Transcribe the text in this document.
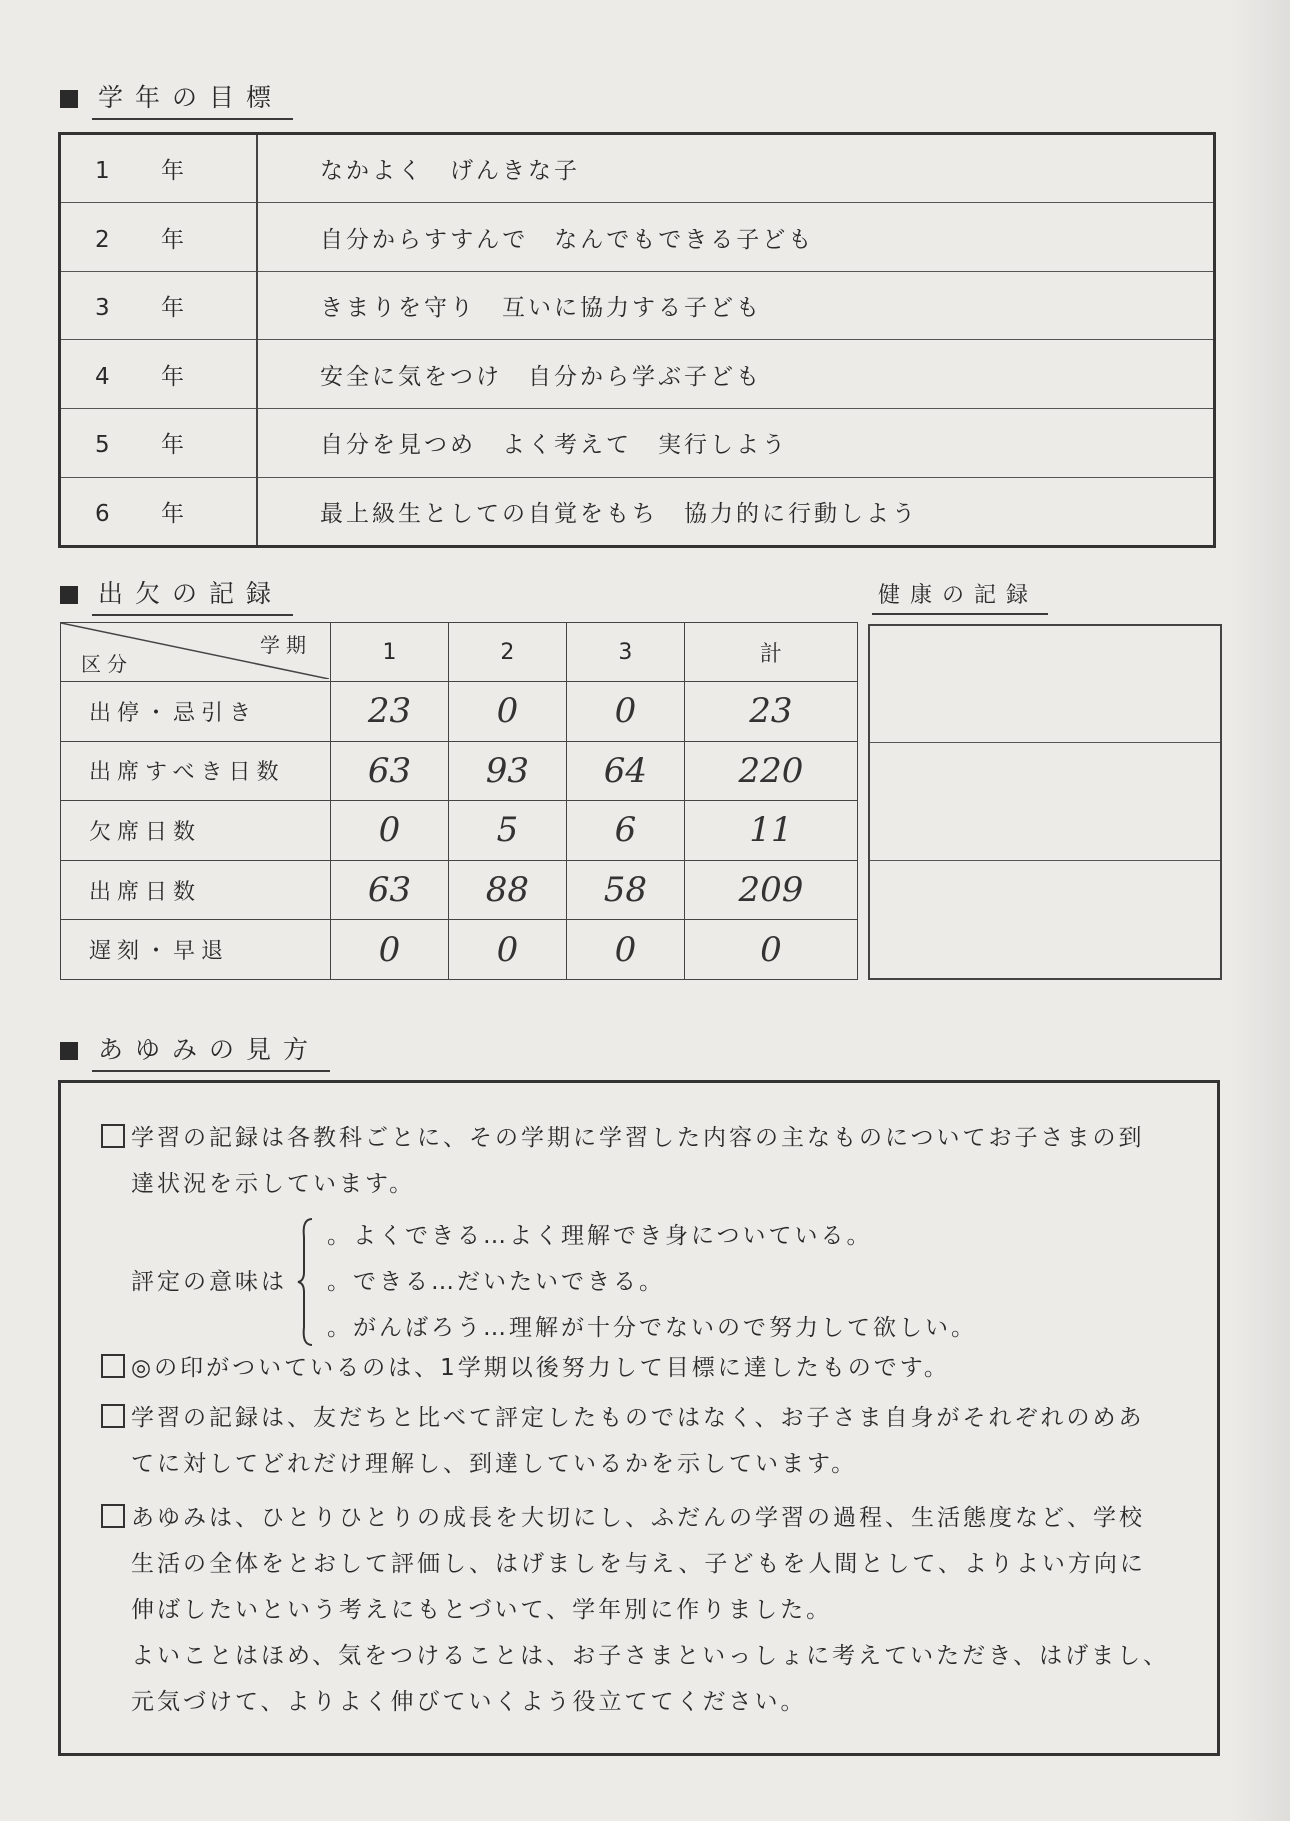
学年の目標
1 年	なかよく　げんきな子
2 年	自分からすすんで　なんでもできる子ども
3 年	きまりを守り　互いに協力する子ども
4 年	安全に気をつけ　自分から学ぶ子ども
5 年	自分を見つめ　よく考えて　実行しよう
6 年	最上級生としての自覚をもち　協力的に行動しよう
出欠の記録
学期
区分	1	2	3	計
出停・忌引き	23	0	0	23
出席すべき日数	63	93	64	220
欠席日数	0	5	6	11
出席日数	63	88	58	209
遅刻・早退	0	0	0	0
健康の記録
あゆみの見方
学習の記録は各教科ごとに、その学期に学習した内容の主なものについてお子さまの到
達状況を示しています。
評定の意味は
。よくできる…よく理解でき身についている。
。できる…だいたいできる。
。がんばろう…理解が十分でないので努力して欲しい。
◎の印がついているのは、1学期以後努力して目標に達したものです。
学習の記録は、友だちと比べて評定したものではなく、お子さま自身がそれぞれのめあ
てに対してどれだけ理解し、到達しているかを示しています。
あゆみは、ひとりひとりの成長を大切にし、ふだんの学習の過程、生活態度など、学校
生活の全体をとおして評価し、はげましを与え、子どもを人間として、よりよい方向に
伸ばしたいという考えにもとづいて、学年別に作りました。
よいことはほめ、気をつけることは、お子さまといっしょに考えていただき、はげまし、
元気づけて、よりよく伸びていくよう役立ててください。
